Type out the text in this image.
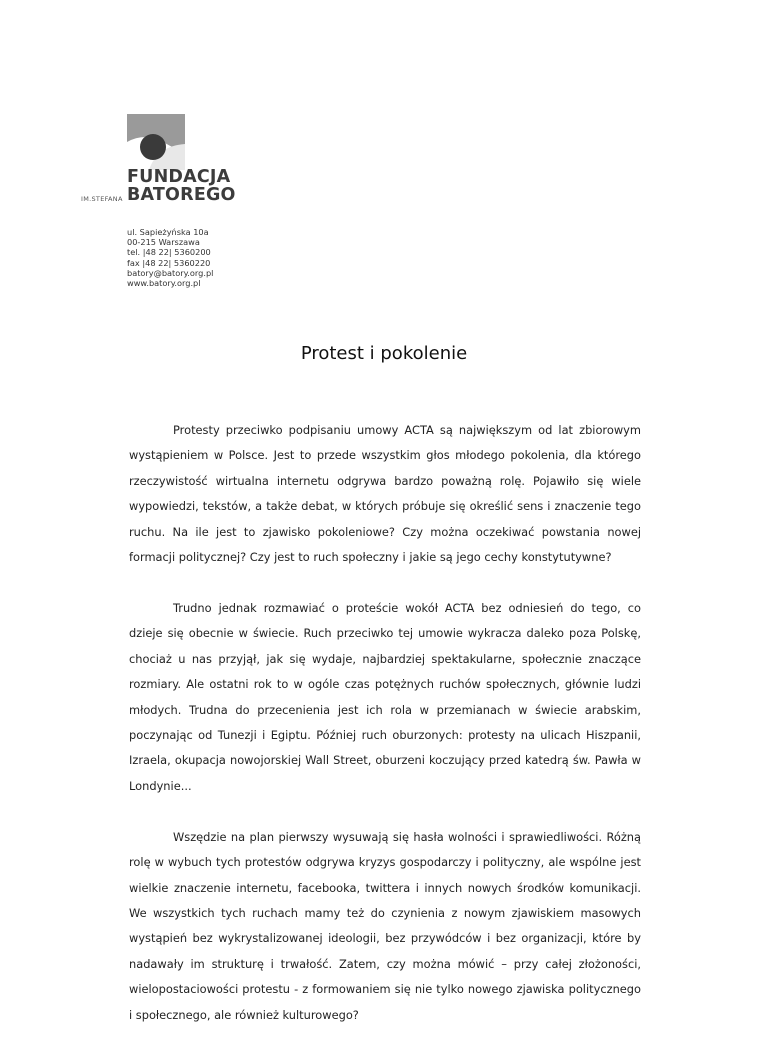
FUNDACJA
BATOREGO
IM.STEFANA
ul. Sapieżyńska 10a
00-215 Warszawa
tel. |48 22| 5360200
fax |48 22| 5360220
batory@batory.org.pl
www.batory.org.pl
Protest i pokolenie

Protesty przeciwko podpisaniu umowy ACTA są największym od lat zbiorowym wystąpieniem w Polsce. Jest to przede wszystkim głos młodego pokolenia, dla którego rzeczywistość wirtualna internetu odgrywa bardzo poważną rolę. Pojawiło się wiele wypowiedzi, tekstów, a także debat, w których próbuje się określić sens i znaczenie tego ruchu. Na ile jest to zjawisko pokoleniowe? Czy można oczekiwać powstania nowej formacji politycznej? Czy jest to ruch społeczny i jakie są jego cechy konstytutywne?

Trudno jednak rozmawiać o proteście wokół ACTA bez odniesień do tego, co dzieje się obecnie w świecie. Ruch przeciwko tej umowie wykracza daleko poza Polskę, chociaż u nas przyjął, jak się wydaje, najbardziej spektakularne, społecznie znaczące rozmiary. Ale ostatni rok to w ogóle czas potężnych ruchów społecznych, głównie ludzi młodych. Trudna do przecenienia jest ich rola w przemianach w świecie arabskim, poczynając od Tunezji i Egiptu. Później ruch oburzonych: protesty na ulicach Hiszpanii, Izraela, okupacja nowojorskiej Wall Street, oburzeni koczujący przed katedrą św. Pawła w Londynie...

Wszędzie na plan pierwszy wysuwają się hasła wolności i sprawiedliwości. Różną rolę w wybuch tych protestów odgrywa kryzys gospodarczy i polityczny, ale wspólne jest wielkie znaczenie internetu, facebooka, twittera i innych nowych środków komunikacji. We wszystkich tych ruchach mamy też do czynienia z nowym zjawiskiem masowych wystąpień bez wykrystalizowanej ideologii, bez przywódców i bez organizacji, które by nadawały im strukturę i trwałość. Zatem, czy można mówić – przy całej złożoności, wielopostaciowości protestu - z formowaniem się nie tylko nowego zjawiska politycznego i społecznego, ale również kulturowego?
